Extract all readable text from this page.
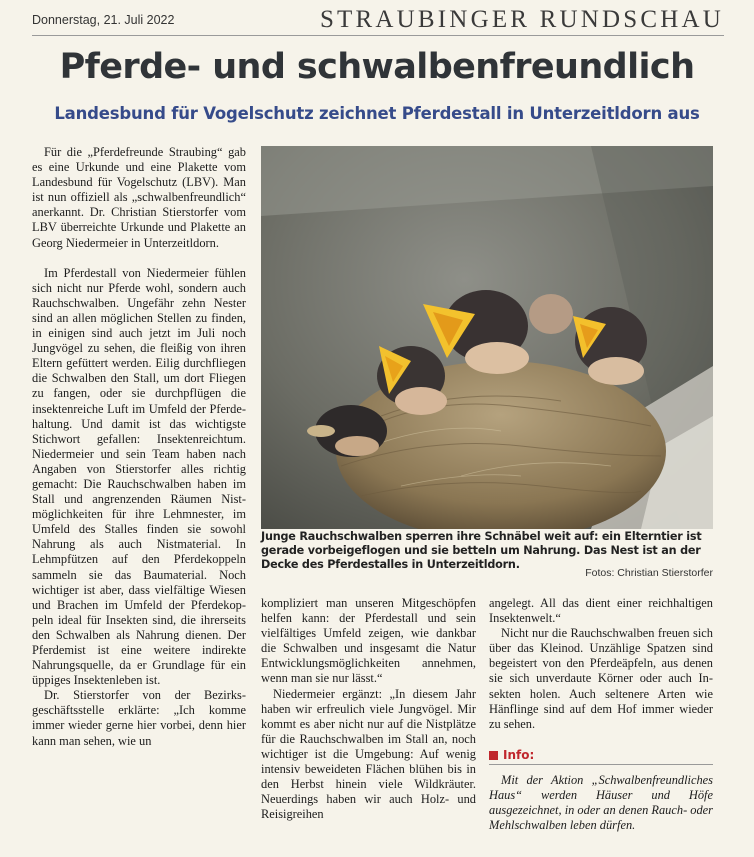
Donnerstag, 21. Juli 2022	STRAUBINGER RUNDSCHAU
Pferde- und schwalbenfreundlich
Landesbund für Vogelschutz zeichnet Pferdestall in Unterzeitldorn aus

Für die „Pferdefreunde Straubing“ gab es eine Urkunde und eine Plakette vom Landesbund für Vogelschutz (LBV). Man ist nun offiziell als „schwalbenfreundlich“ anerkannt. Dr. Christian Stierstorfer vom LBV überreichte Urkunde und Plakette an Georg Niedermeier in Unterzeitldorn.

Im Pferdestall von Niedermeier fühlen sich nicht nur Pferde wohl, sondern auch Rauchschwalben. Ungefähr zehn Nester sind an allen möglichen Stellen zu finden, in einigen sind auch jetzt im Juli noch Jungvögel zu sehen, die fleißig von ihren Eltern gefüttert werden. Eilig durchfliegen die Schwalben den Stall, um dort Fliegen zu fangen, oder sie durchpflügen die insektenreiche Luft im Umfeld der Pferdehaltung. Und damit ist das wichtigste Stichwort gefallen: Insektenreichtum. Niedermeier und sein Team haben nach Angaben von Stierstorfer alles richtig gemacht: Die Rauchschwalben haben im Stall und angrenzenden Räumen Nistmöglichkeiten für ihre Lehmnester, im Umfeld des Stalles finden sie sowohl Nahrung als auch Nistmaterial. In Lehmpfützen auf den Pferdekoppeln sammeln sie das Baumaterial. Noch wichtiger ist aber, dass vielfältige Wiesen und Brachen im Umfeld der Pferdekoppeln ideal für Insekten sind, die ihrerseits den Schwalben als Nahrung dienen. Der Pferdemist ist eine weitere indirekte Nahrungsquelle, da er Grundlage für ein üppiges Insektenleben ist.

Dr. Stierstorfer von der Bezirksgeschäftsstelle erklärte: „Ich komme immer wieder gerne hier vorbei, denn hier kann man sehen, wie un

Junge Rauchschwalben sperren ihre Schnäbel weit auf: ein Elterntier ist gerade vorbeigeflogen und sie betteln um Nahrung. Das Nest ist an der Decke des Pferdestalles in Unterzeitldorn.
Fotos: Christian Stierstorfer

kompliziert man unseren Mitgeschöpfen helfen kann: der Pferdestall und sein vielfältiges Umfeld zeigen, wie dankbar die Schwalben und insgesamt die Natur Entwicklungsmöglichkeiten annehmen, wenn man sie nur lässt.“

Niedermeier ergänzt: „In diesem Jahr haben wir erfreulich viele Jungvögel. Mir kommt es aber nicht nur auf die Nistplätze für die Rauchschwalben im Stall an, noch wichtiger ist die Umgebung: Auf wenig intensiv beweideten Flächen blühen bis in den Herbst hinein viele Wildkräuter. Neuerdings haben wir auch Holz- und Reisigreihen

angelegt. All das dient einer reichhaltigen Insektenwelt.“

Nicht nur die Rauchschwalben freuen sich über das Kleinod. Unzählige Spatzen sind begeistert von den Pferdeäpfeln, aus denen sie sich unverdaute Körner oder auch Insekten holen. Auch seltenere Arten wie Hänflinge sind auf dem Hof immer wieder zu sehen.

Info:

Mit der Aktion „Schwalbenfreundliches Haus“ werden Häuser und Höfe ausgezeichnet, in oder an denen Rauch- oder Mehlschwalben leben dürfen.
